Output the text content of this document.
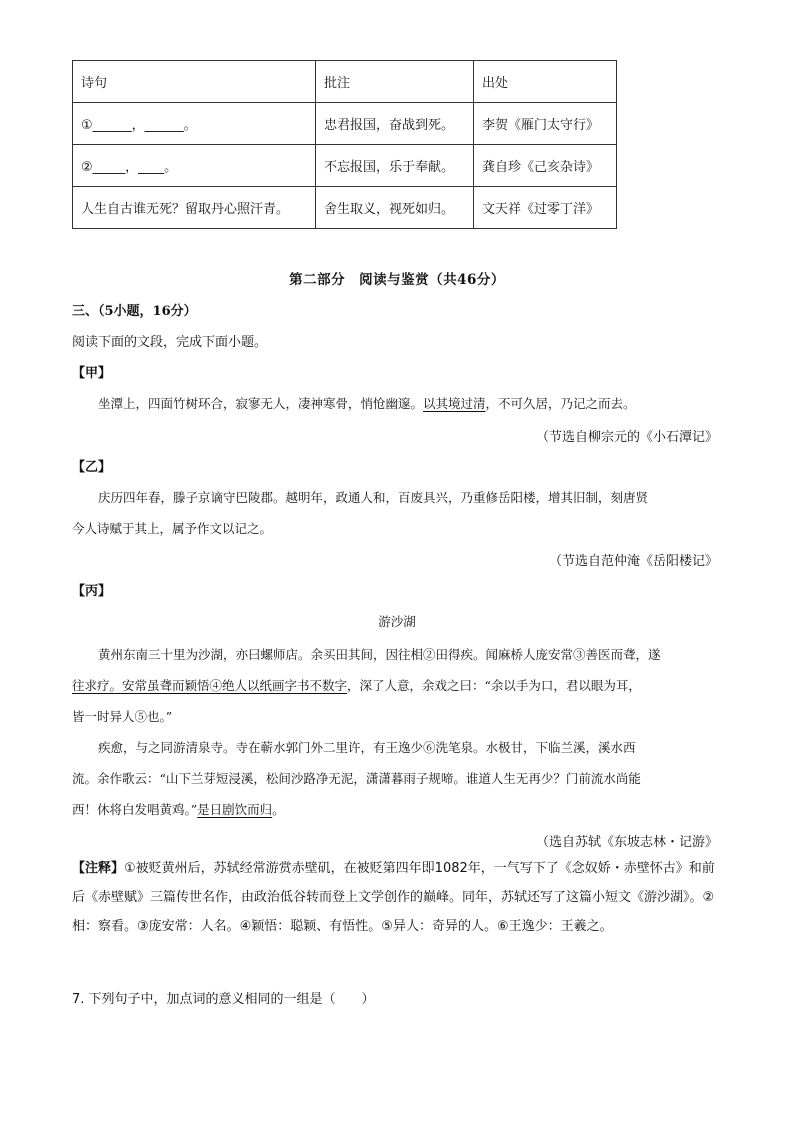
诗句	批注	出处
①______，______。	忠君报国，奋战到死。	李贺《雁门太守行》
②_____，____。	不忘报国，乐于奉献。	龚自珍《己亥杂诗》
人生自古谁无死？留取丹心照汗青。	舍生取义，视死如归。	文天祥《过零丁洋》
第二部分　阅读与鉴赏（共46分）
三、（5小题，16分）
阅读下面的文段，完成下面小题。
【甲】
坐潭上，四面竹树环合，寂寥无人，凄神寒骨，悄怆幽邃。以其境过清，不可久居，乃记之而去。
（节选自柳宗元的《小石潭记》
【乙】
庆历四年春，滕子京谪守巴陵郡。越明年，政通人和，百废具兴，乃重修岳阳楼，增其旧制，刻唐贤
今人诗赋于其上，属予作文以记之。
（节选自范仲淹《岳阳楼记》
【丙】
游沙湖
黄州东南三十里为沙湖，亦曰螺师店。余买田其间，因往相②田得疾。闻麻桥人庞安常③善医而聋，遂
往求疗。安常虽聋而颖悟④绝人以纸画字书不数字，深了人意，余戏之曰：“余以手为口，君以眼为耳，
皆一时异人⑤也。”
疾愈，与之同游清泉寺。寺在蕲水郭门外二里许，有王逸少⑥洗笔泉。水极甘，下临兰溪，溪水西
流。余作歌云：“山下兰芽短浸溪，松间沙路净无泥，潇潇暮雨子规啼。谁道人生无再少？门前流水尚能
西！休将白发唱黄鸡。”是日剧饮而归。
（选自苏轼《东坡志林・记游》
【注释】①被贬黄州后，苏轼经常游赏赤壁矶，在被贬第四年即1082年，一气写下了《念奴娇・赤壁怀古》和前后《赤壁赋》三篇传世名作，由政治低谷转而登上文学创作的巅峰。同年，苏轼还写了这篇小短文《游沙湖》。②相：察看。③庞安常：人名。④颖悟：聪颖、有悟性。⑤异人：奇异的人。⑥王逸少：王羲之。
7. 下列句子中，加点词的意义相同的一组是（　　）
